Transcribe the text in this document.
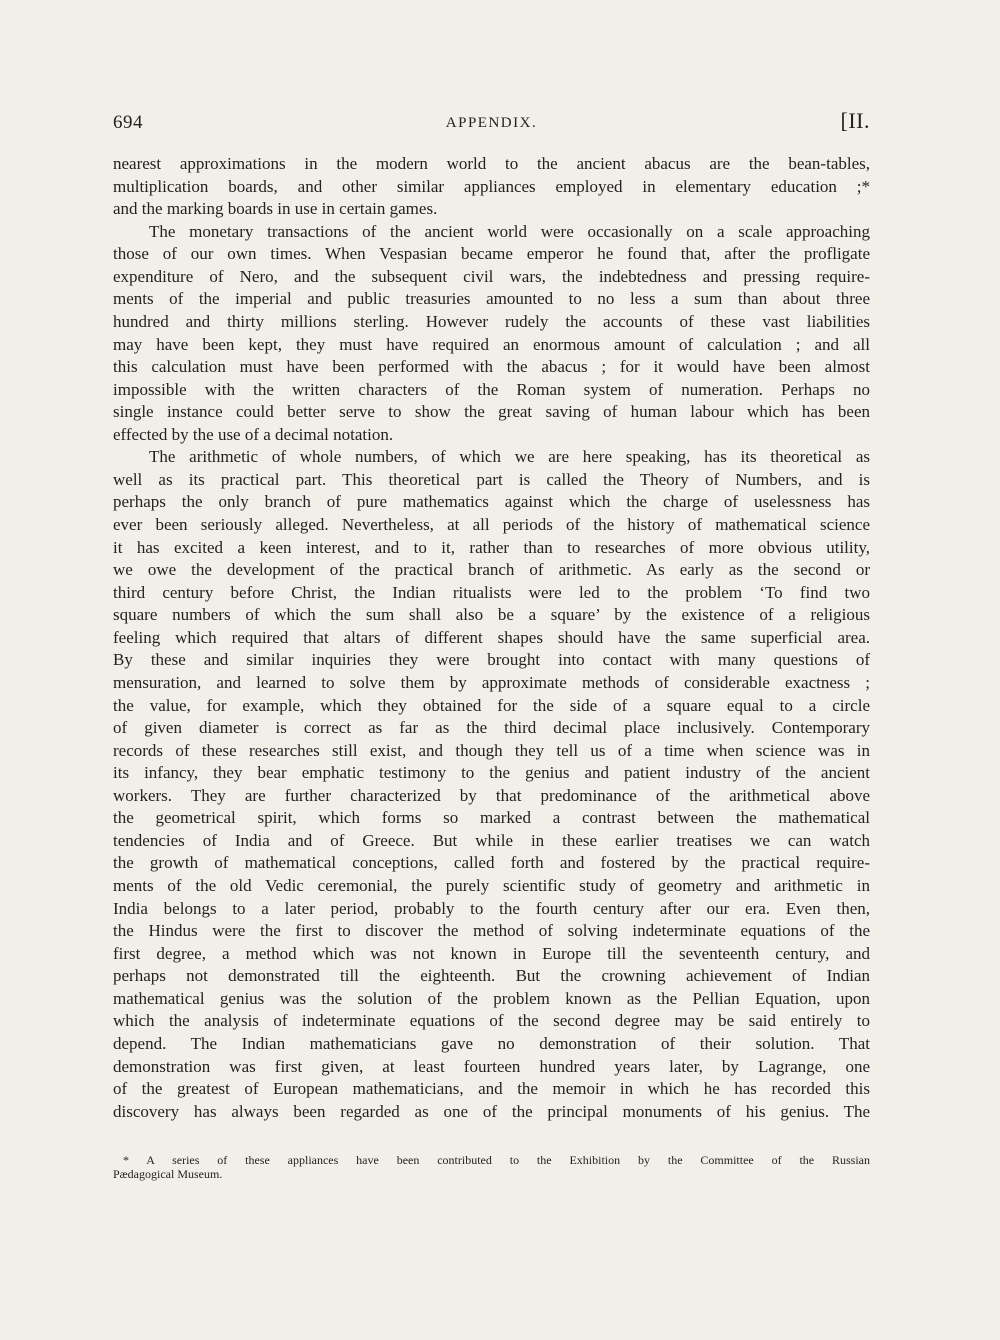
694	APPENDIX.	[II.
nearest approximations in the modern world to the ancient abacus are the bean-tables,
multiplication boards, and other similar appliances employed in elementary education ;*
and the marking boards in use in certain games.
The monetary transactions of the ancient world were occasionally on a scale approaching
those of our own times. When Vespasian became emperor he found that, after the profligate
expenditure of Nero, and the subsequent civil wars, the indebtedness and pressing require-
ments of the imperial and public treasuries amounted to no less a sum than about three
hundred and thirty millions sterling. However rudely the accounts of these vast liabilities
may have been kept, they must have required an enormous amount of calculation ; and all
this calculation must have been performed with the abacus ; for it would have been almost
impossible with the written characters of the Roman system of numeration. Perhaps no
single instance could better serve to show the great saving of human labour which has been
effected by the use of a decimal notation.
The arithmetic of whole numbers, of which we are here speaking, has its theoretical as
well as its practical part. This theoretical part is called the Theory of Numbers, and is
perhaps the only branch of pure mathematics against which the charge of uselessness has
ever been seriously alleged. Nevertheless, at all periods of the history of mathematical science
it has excited a keen interest, and to it, rather than to researches of more obvious utility,
we owe the development of the practical branch of arithmetic. As early as the second or
third century before Christ, the Indian ritualists were led to the problem ‘To find two
square numbers of which the sum shall also be a square’ by the existence of a religious
feeling which required that altars of different shapes should have the same superficial area.
By these and similar inquiries they were brought into contact with many questions of
mensuration, and learned to solve them by approximate methods of considerable exactness ;
the value, for example, which they obtained for the side of a square equal to a circle
of given diameter is correct as far as the third decimal place inclusively. Contemporary
records of these researches still exist, and though they tell us of a time when science was in
its infancy, they bear emphatic testimony to the genius and patient industry of the ancient
workers. They are further characterized by that predominance of the arithmetical above
the geometrical spirit, which forms so marked a contrast between the mathematical
tendencies of India and of Greece. But while in these earlier treatises we can watch
the growth of mathematical conceptions, called forth and fostered by the practical require-
ments of the old Vedic ceremonial, the purely scientific study of geometry and arithmetic in
India belongs to a later period, probably to the fourth century after our era. Even then,
the Hindus were the first to discover the method of solving indeterminate equations of the
first degree, a method which was not known in Europe till the seventeenth century, and
perhaps not demonstrated till the eighteenth. But the crowning achievement of Indian
mathematical genius was the solution of the problem known as the Pellian Equation, upon
which the analysis of indeterminate equations of the second degree may be said entirely to
depend. The Indian mathematicians gave no demonstration of their solution. That
demonstration was first given, at least fourteen hundred years later, by Lagrange, one
of the greatest of European mathematicians, and the memoir in which he has recorded this
discovery has always been regarded as one of the principal monuments of his genius. The
* A series of these appliances have been contributed to the Exhibition by the Committee of the Russian
Pædagogical Museum.
